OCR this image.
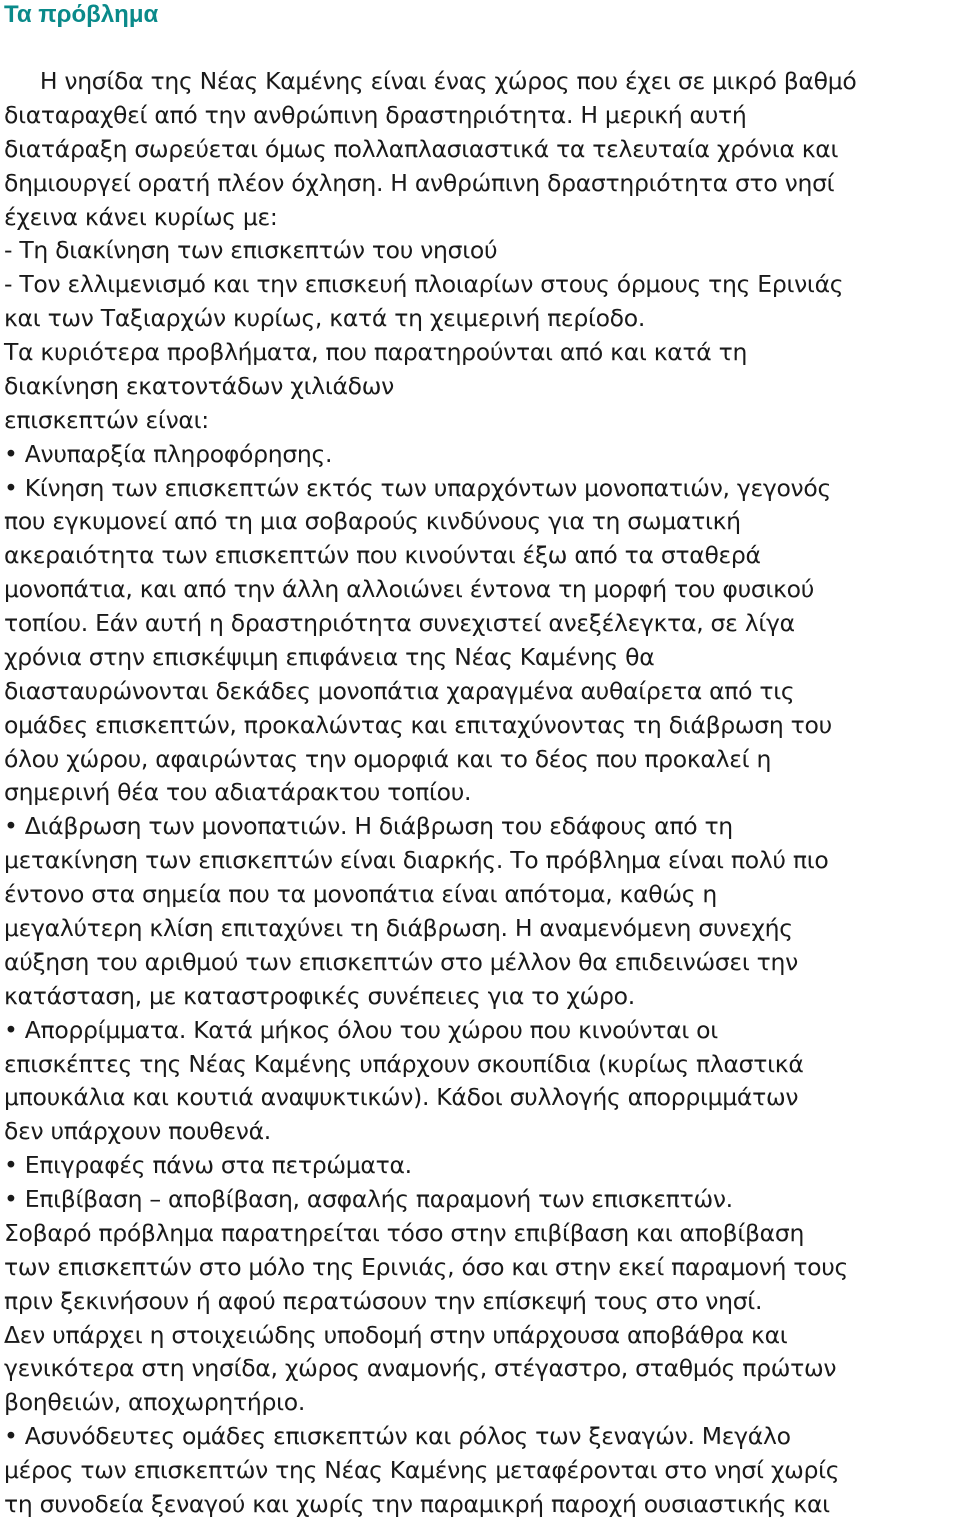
Τα πρόβλημα
Η νησίδα της Νέας Καμένης είναι ένας χώρος που έχει σε μικρό βαθμό
διαταραχθεί από την ανθρώπινη δραστηριότητα. Η μερική αυτή
διατάραξη σωρεύεται όμως πολλαπλασιαστικά τα τελευταία χρόνια και
δημιουργεί ορατή πλέον όχληση. Η ανθρώπινη δραστηριότητα στο νησί
έχεινα κάνει κυρίως με:
- Τη διακίνηση των επισκεπτών του νησιού
- Τον ελλιμενισμό και την επισκευή πλοιαρίων στους όρμους της Ερινιάς
και των Ταξιαρχών κυρίως, κατά τη χειμερινή περίοδο.
Τα κυριότερα προβλήματα, που παρατηρούνται από και κατά τη
διακίνηση εκατοντάδων χιλιάδων
επισκεπτών είναι:
• Ανυπαρξία πληροφόρησης.
• Κίνηση των επισκεπτών εκτός των υπαρχόντων μονοπατιών, γεγονός
που εγκυμονεί από τη μια σοβαρούς κινδύνους για τη σωματική
ακεραιότητα των επισκεπτών που κινούνται έξω από τα σταθερά
μονοπάτια, και από την άλλη αλλοιώνει έντονα τη μορφή του φυσικού
τοπίου. Εάν αυτή η δραστηριότητα συνεχιστεί ανεξέλεγκτα, σε λίγα
χρόνια στην επισκέψιμη επιφάνεια της Νέας Καμένης θα
διασταυρώνονται δεκάδες μονοπάτια χαραγμένα αυθαίρετα από τις
ομάδες επισκεπτών, προκαλώντας και επιταχύνοντας τη διάβρωση του
όλου χώρου, αφαιρώντας την ομορφιά και το δέος που προκαλεί η
σημερινή θέα του αδιατάρακτου τοπίου.
• Διάβρωση των μονοπατιών. Η διάβρωση του εδάφους από τη
μετακίνηση των επισκεπτών είναι διαρκής. Το πρόβλημα είναι πολύ πιο
έντονο στα σημεία που τα μονοπάτια είναι απότομα, καθώς η
μεγαλύτερη κλίση επιταχύνει τη διάβρωση. Η αναμενόμενη συνεχής
αύξηση του αριθμού των επισκεπτών στο μέλλον θα επιδεινώσει την
κατάσταση, με καταστροφικές συνέπειες για το χώρο.
• Απορρίμματα. Κατά μήκος όλου του χώρου που κινούνται οι
επισκέπτες της Νέας Καμένης υπάρχουν σκουπίδια (κυρίως πλαστικά
μπουκάλια και κουτιά αναψυκτικών). Κάδοι συλλογής απορριμμάτων
δεν υπάρχουν πουθενά.
• Επιγραφές πάνω στα πετρώματα.
• Επιβίβαση – αποβίβαση, ασφαλής παραμονή των επισκεπτών.
Σοβαρό πρόβλημα παρατηρείται τόσο στην επιβίβαση και αποβίβαση
των επισκεπτών στο μόλο της Ερινιάς, όσο και στην εκεί παραμονή τους
πριν ξεκινήσουν ή αφού περατώσουν την επίσκεψή τους στο νησί.
Δεν υπάρχει η στοιχειώδης υποδομή στην υπάρχουσα αποβάθρα και
γενικότερα στη νησίδα, χώρος αναμονής, στέγαστρο, σταθμός πρώτων
βοηθειών, αποχωρητήριο.
• Ασυνόδευτες ομάδες επισκεπτών και ρόλος των ξεναγών. Μεγάλο
μέρος των επισκεπτών της Νέας Καμένης μεταφέρονται στο νησί χωρίς
τη συνοδεία ξεναγού και χωρίς την παραμικρή παροχή ουσιαστικής και
